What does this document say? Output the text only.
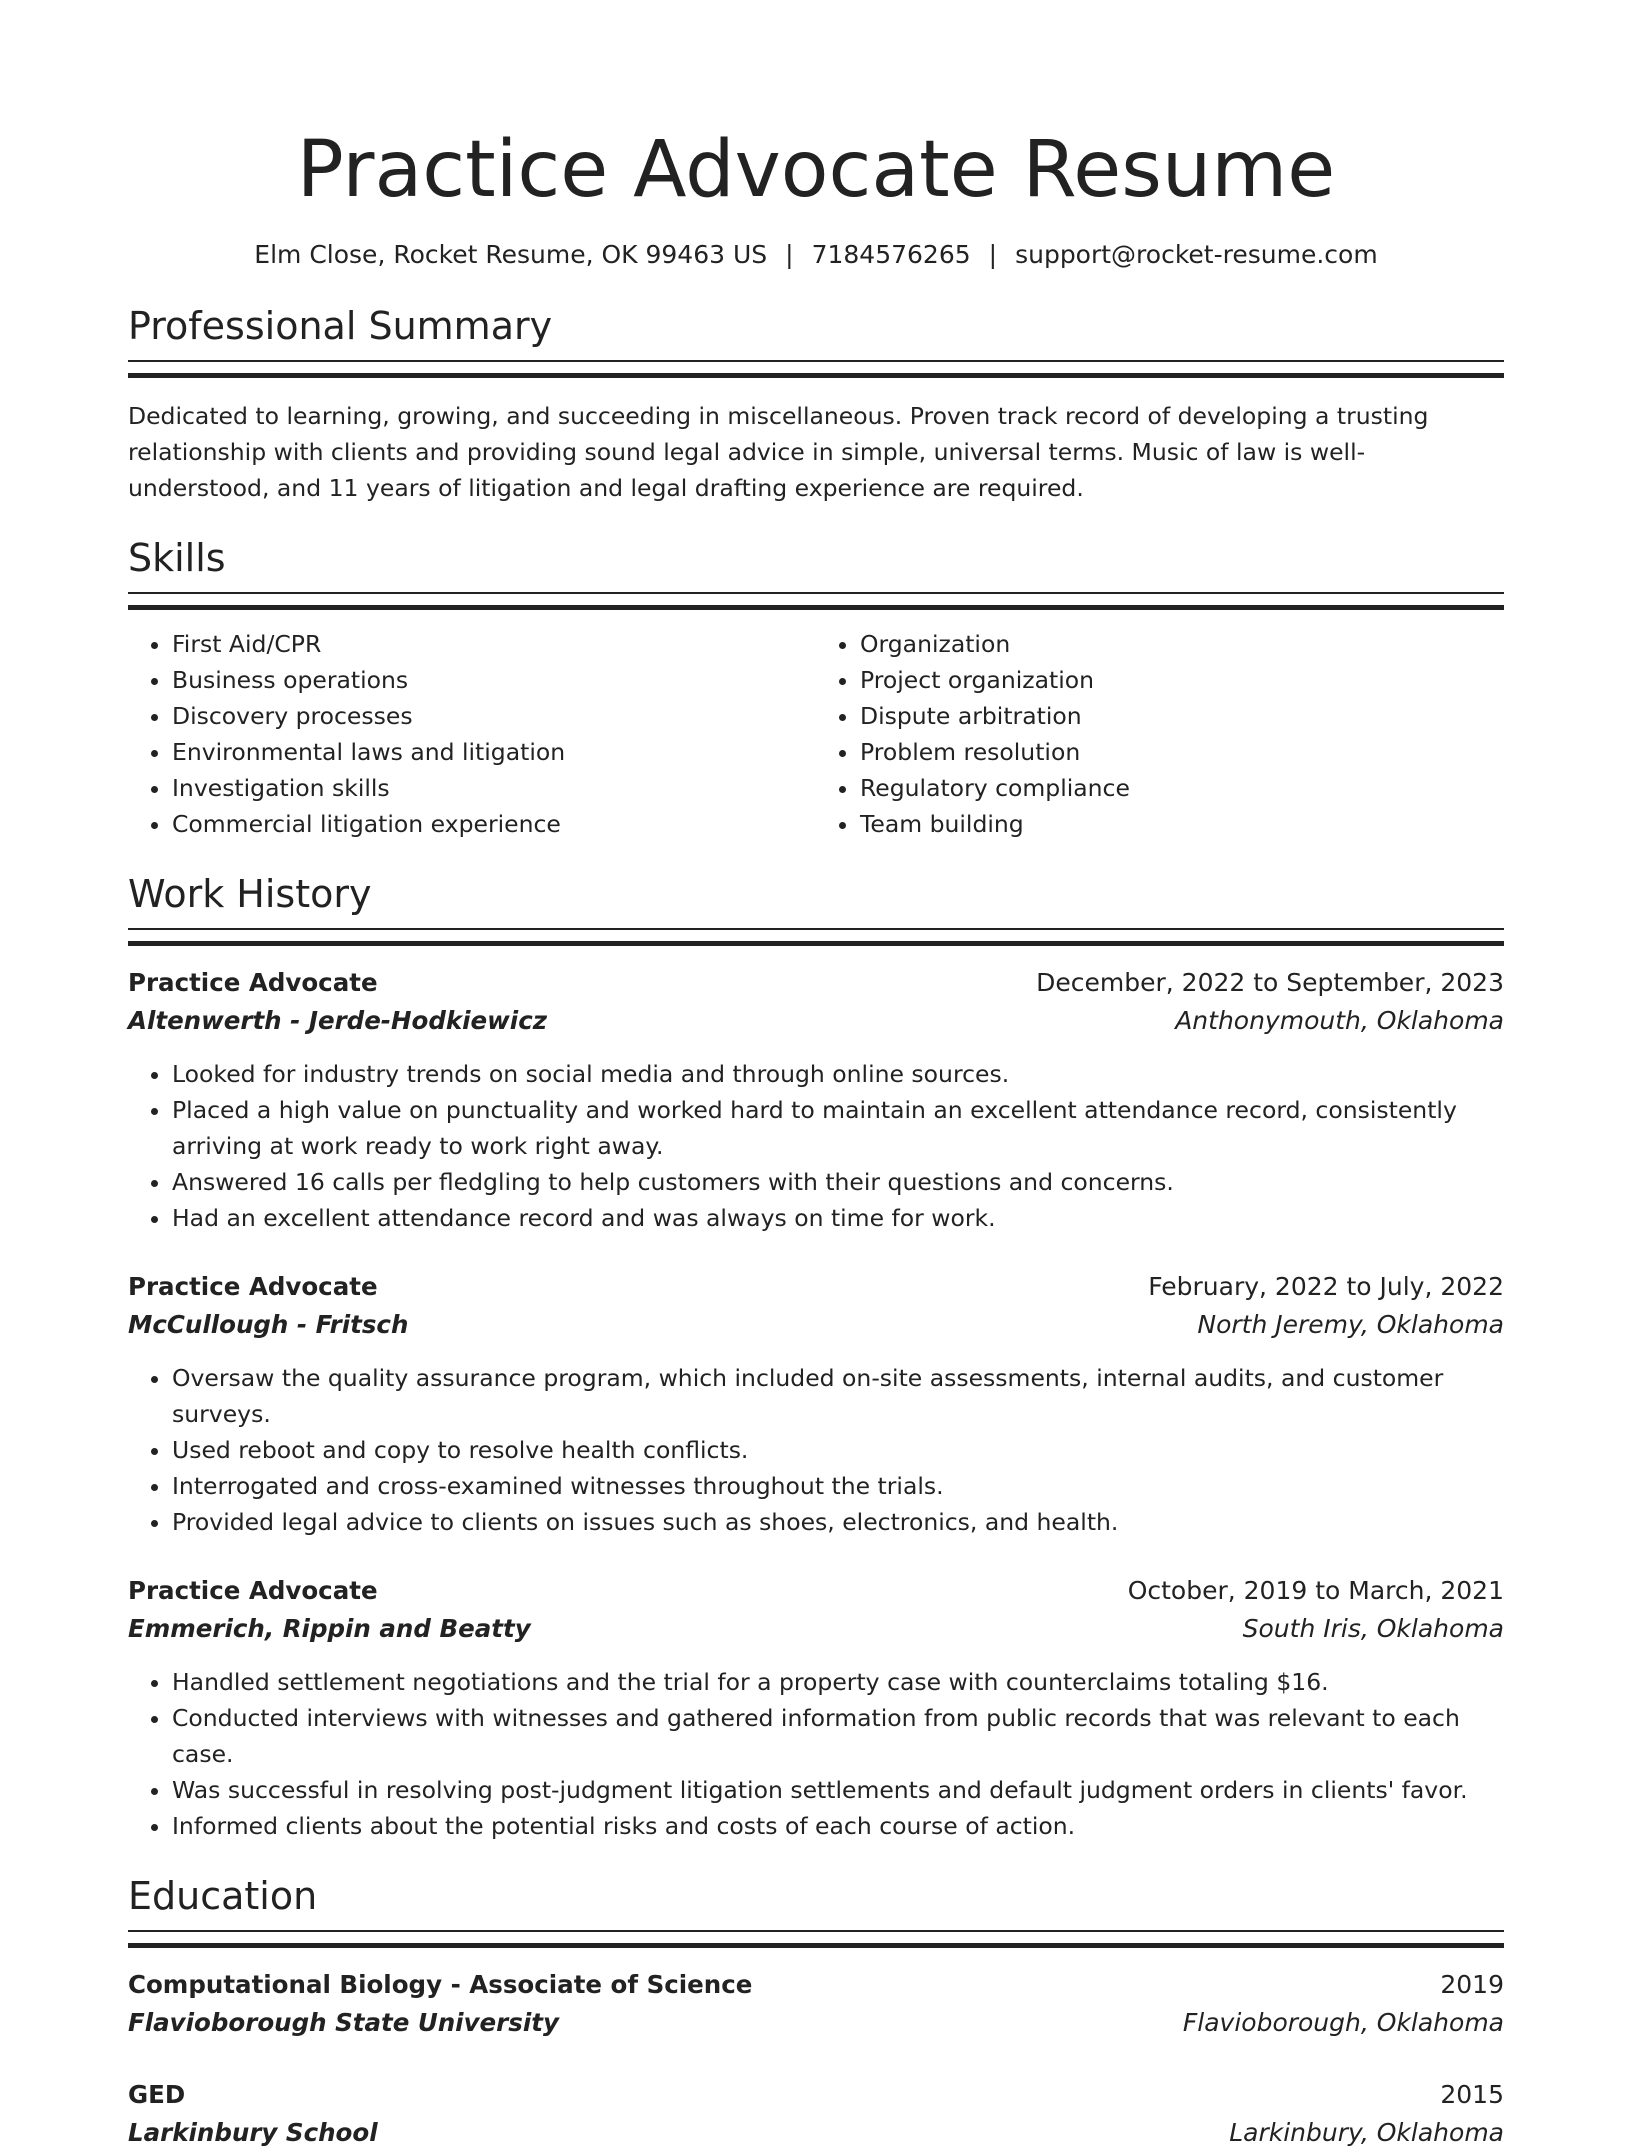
Practice Advocate Resume
Elm Close, Rocket Resume, OK 99463 US | 7184576265 | support@rocket-resume.com
Professional Summary

Dedicated to learning, growing, and succeeding in miscellaneous. Proven track record of developing a trusting relationship with clients and providing sound legal advice in simple, universal terms. Music of law is well-understood, and 11 years of litigation and legal drafting experience are required.

Skills
• First Aid/CPR
• Business operations
• Discovery processes
• Environmental laws and litigation
• Investigation skills
• Commercial litigation experience
• Organization
• Project organization
• Dispute arbitration
• Problem resolution
• Regulatory compliance
• Team building
Work History
Practice Advocate	December, 2022 to September, 2023
Altenwerth - Jerde-Hodkiewicz	Anthonymouth, Oklahoma
• Looked for industry trends on social media and through online sources.
• Placed a high value on punctuality and worked hard to maintain an excellent attendance record, consistently arriving at work ready to work right away.
• Answered 16 calls per fledgling to help customers with their questions and concerns.
• Had an excellent attendance record and was always on time for work.
Practice Advocate	February, 2022 to July, 2022
McCullough - Fritsch	North Jeremy, Oklahoma
• Oversaw the quality assurance program, which included on-site assessments, internal audits, and customer surveys.
• Used reboot and copy to resolve health conflicts.
• Interrogated and cross-examined witnesses throughout the trials.
• Provided legal advice to clients on issues such as shoes, electronics, and health.
Practice Advocate	October, 2019 to March, 2021
Emmerich, Rippin and Beatty	South Iris, Oklahoma
• Handled settlement negotiations and the trial for a property case with counterclaims totaling $16.
• Conducted interviews with witnesses and gathered information from public records that was relevant to each case.
• Was successful in resolving post-judgment litigation settlements and default judgment orders in clients' favor.
• Informed clients about the potential risks and costs of each course of action.
Education
Computational Biology - Associate of Science	2019
Flavioborough State University	Flavioborough, Oklahoma
GED	2015
Larkinbury School	Larkinbury, Oklahoma
